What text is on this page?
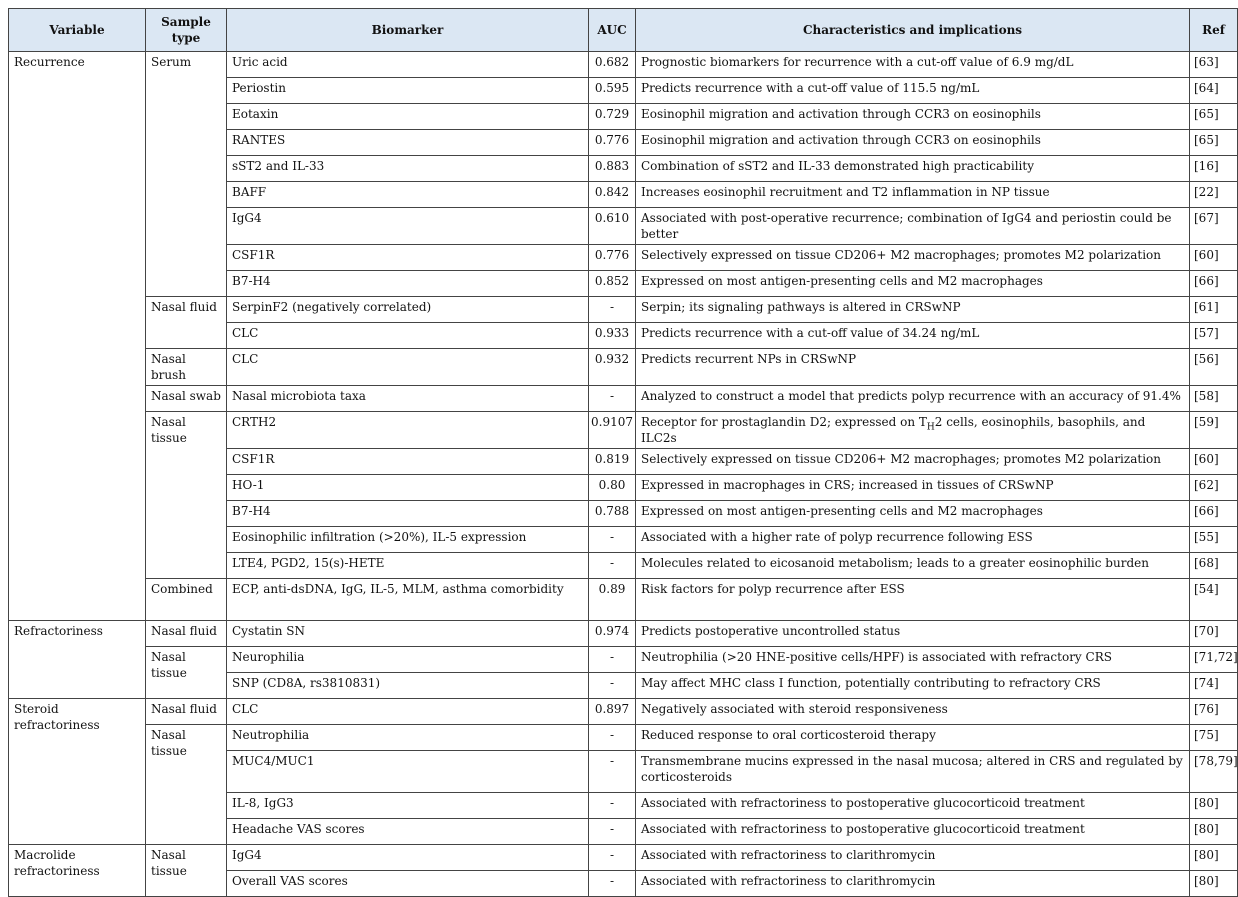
Variable	Sample type	Biomarker	AUC	Characteristics and implications	Ref
Recurrence	Serum	Uric acid	0.682	Prognostic biomarkers for recurrence with a cut-off value of 6.9 mg/dL	[63]
		Periostin	0.595	Predicts recurrence with a cut-off value of 115.5 ng/mL	[64]
		Eotaxin	0.729	Eosinophil migration and activation through CCR3 on eosinophils	[65]
		RANTES	0.776	Eosinophil migration and activation through CCR3 on eosinophils	[65]
		sST2 and IL-33	0.883	Combination of sST2 and IL-33 demonstrated high practicability	[16]
		BAFF	0.842	Increases eosinophil recruitment and T2 inflammation in NP tissue	[22]
		IgG4	0.610	Associated with post-operative recurrence; combination of IgG4 and periostin could be better	[67]
		CSF1R	0.776	Selectively expressed on tissue CD206+ M2 macrophages; promotes M2 polarization	[60]
		B7-H4	0.852	Expressed on most antigen-presenting cells and M2 macrophages	[66]
	Nasal fluid	SerpinF2 (negatively correlated)	-	Serpin; its signaling pathways is altered in CRSwNP	[61]
		CLC	0.933	Predicts recurrence with a cut-off value of 34.24 ng/mL	[57]
	Nasal brush	CLC	0.932	Predicts recurrent NPs in CRSwNP	[56]
	Nasal swab	Nasal microbiota taxa	-	Analyzed to construct a model that predicts polyp recurrence with an accuracy of 91.4%	[58]
	Nasal tissue	CRTH2	0.9107	Receptor for prostaglandin D2; expressed on $T_H2$ cells, eosinophils, basophils, and ILC2s	[59]
		CSF1R	0.819	Selectively expressed on tissue CD206+ M2 macrophages; promotes M2 polarization	[60]
		HO-1	0.80	Expressed in macrophages in CRS; increased in tissues of CRSwNP	[62]
		B7-H4	0.788	Expressed on most antigen-presenting cells and M2 macrophages	[66]
		Eosinophilic infiltration (>20%), IL-5 expression	-	Associated with a higher rate of polyp recurrence following ESS	[55]
		LTE4, PGD2, 15(s)-HETE	-	Molecules related to eicosanoid metabolism; leads to a greater eosinophilic burden	[68]
	Combined	ECP, anti-dsDNA, IgG, IL-5, MLM, asthma comorbidity	0.89	Risk factors for polyp recurrence after ESS	[54]
Refractoriness	Nasal fluid	Cystatin SN	0.974	Predicts postoperative uncontrolled status	[70]
	Nasal tissue	Neurophilia	-	Neutrophilia (>20 HNE-positive cells/HPF) is associated with refractory CRS	[71,72]
		SNP (CD8A, rs3810831)	-	May affect MHC class I function, potentially contributing to refractory CRS	[74]
Steroid refractoriness	Nasal fluid	CLC	0.897	Negatively associated with steroid responsiveness	[76]
	Nasal tissue	Neutrophilia	-	Reduced response to oral corticosteroid therapy	[75]
		MUC4/MUC1	-	Transmembrane mucins expressed in the nasal mucosa; altered in CRS and regulated by corticosteroids	[78,79]
		IL-8, IgG3	-	Associated with refractoriness to postoperative glucocorticoid treatment	[80]
		Headache VAS scores	-	Associated with refractoriness to postoperative glucocorticoid treatment	[80]
Macrolide refractoriness	Nasal tissue	IgG4	-	Associated with refractoriness to clarithromycin	[80]
		Overall VAS scores	-	Associated with refractoriness to clarithromycin	[80]
